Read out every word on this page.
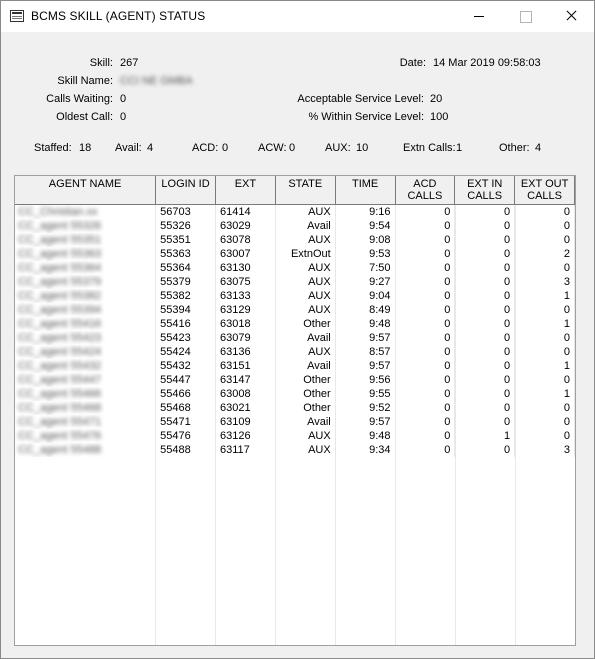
BCMS SKILL (AGENT) STATUS
Skill: 267
Skill Name: CCI NE GMBA
Calls Waiting: 0
Oldest Call: 0
Date: 14 Mar 2019 09:58:03
Acceptable Service Level: 20
% Within Service Level: 100
Staffed: 18 Avail: 4	ACD: 0	ACW: 0	AUX: 10	Extn Calls: 1	Other: 4
AGENT NAME	LOGIN ID	EXT	STATE	TIME	ACD CALLS	EXT IN CALLS	EXT OUT CALLS
CC_Christian.xx	56703	61414	AUX	9:16	0	0	0
CC_agent 55326	55326	63029	Avail	9:54	0	0	0
CC_agent 55351	55351	63078	AUX	9:08	0	0	0
CC_agent 55363	55363	63007	ExtnOut	9:53	0	0	2
CC_agent 55364	55364	63130	AUX	7:50	0	0	0
CC_agent 55379	55379	63075	AUX	9:27	0	0	3
CC_agent 55382	55382	63133	AUX	9:04	0	0	1
CC_agent 55394	55394	63129	AUX	8:49	0	0	0
CC_agent 55416	55416	63018	Other	9:48	0	0	1
CC_agent 55423	55423	63079	Avail	9:57	0	0	0
CC_agent 55424	55424	63136	AUX	8:57	0	0	0
CC_agent 55432	55432	63151	Avail	9:57	0	0	1
CC_agent 55447	55447	63147	Other	9:56	0	0	0
CC_agent 55466	55466	63008	Other	9:55	0	0	1
CC_agent 55468	55468	63021	Other	9:52	0	0	0
CC_agent 55471	55471	63109	Avail	9:57	0	0	0
CC_agent 55476	55476	63126	AUX	9:48	0	1	0
CC_agent 55488	55488	63117	AUX	9:34	0	0	3
